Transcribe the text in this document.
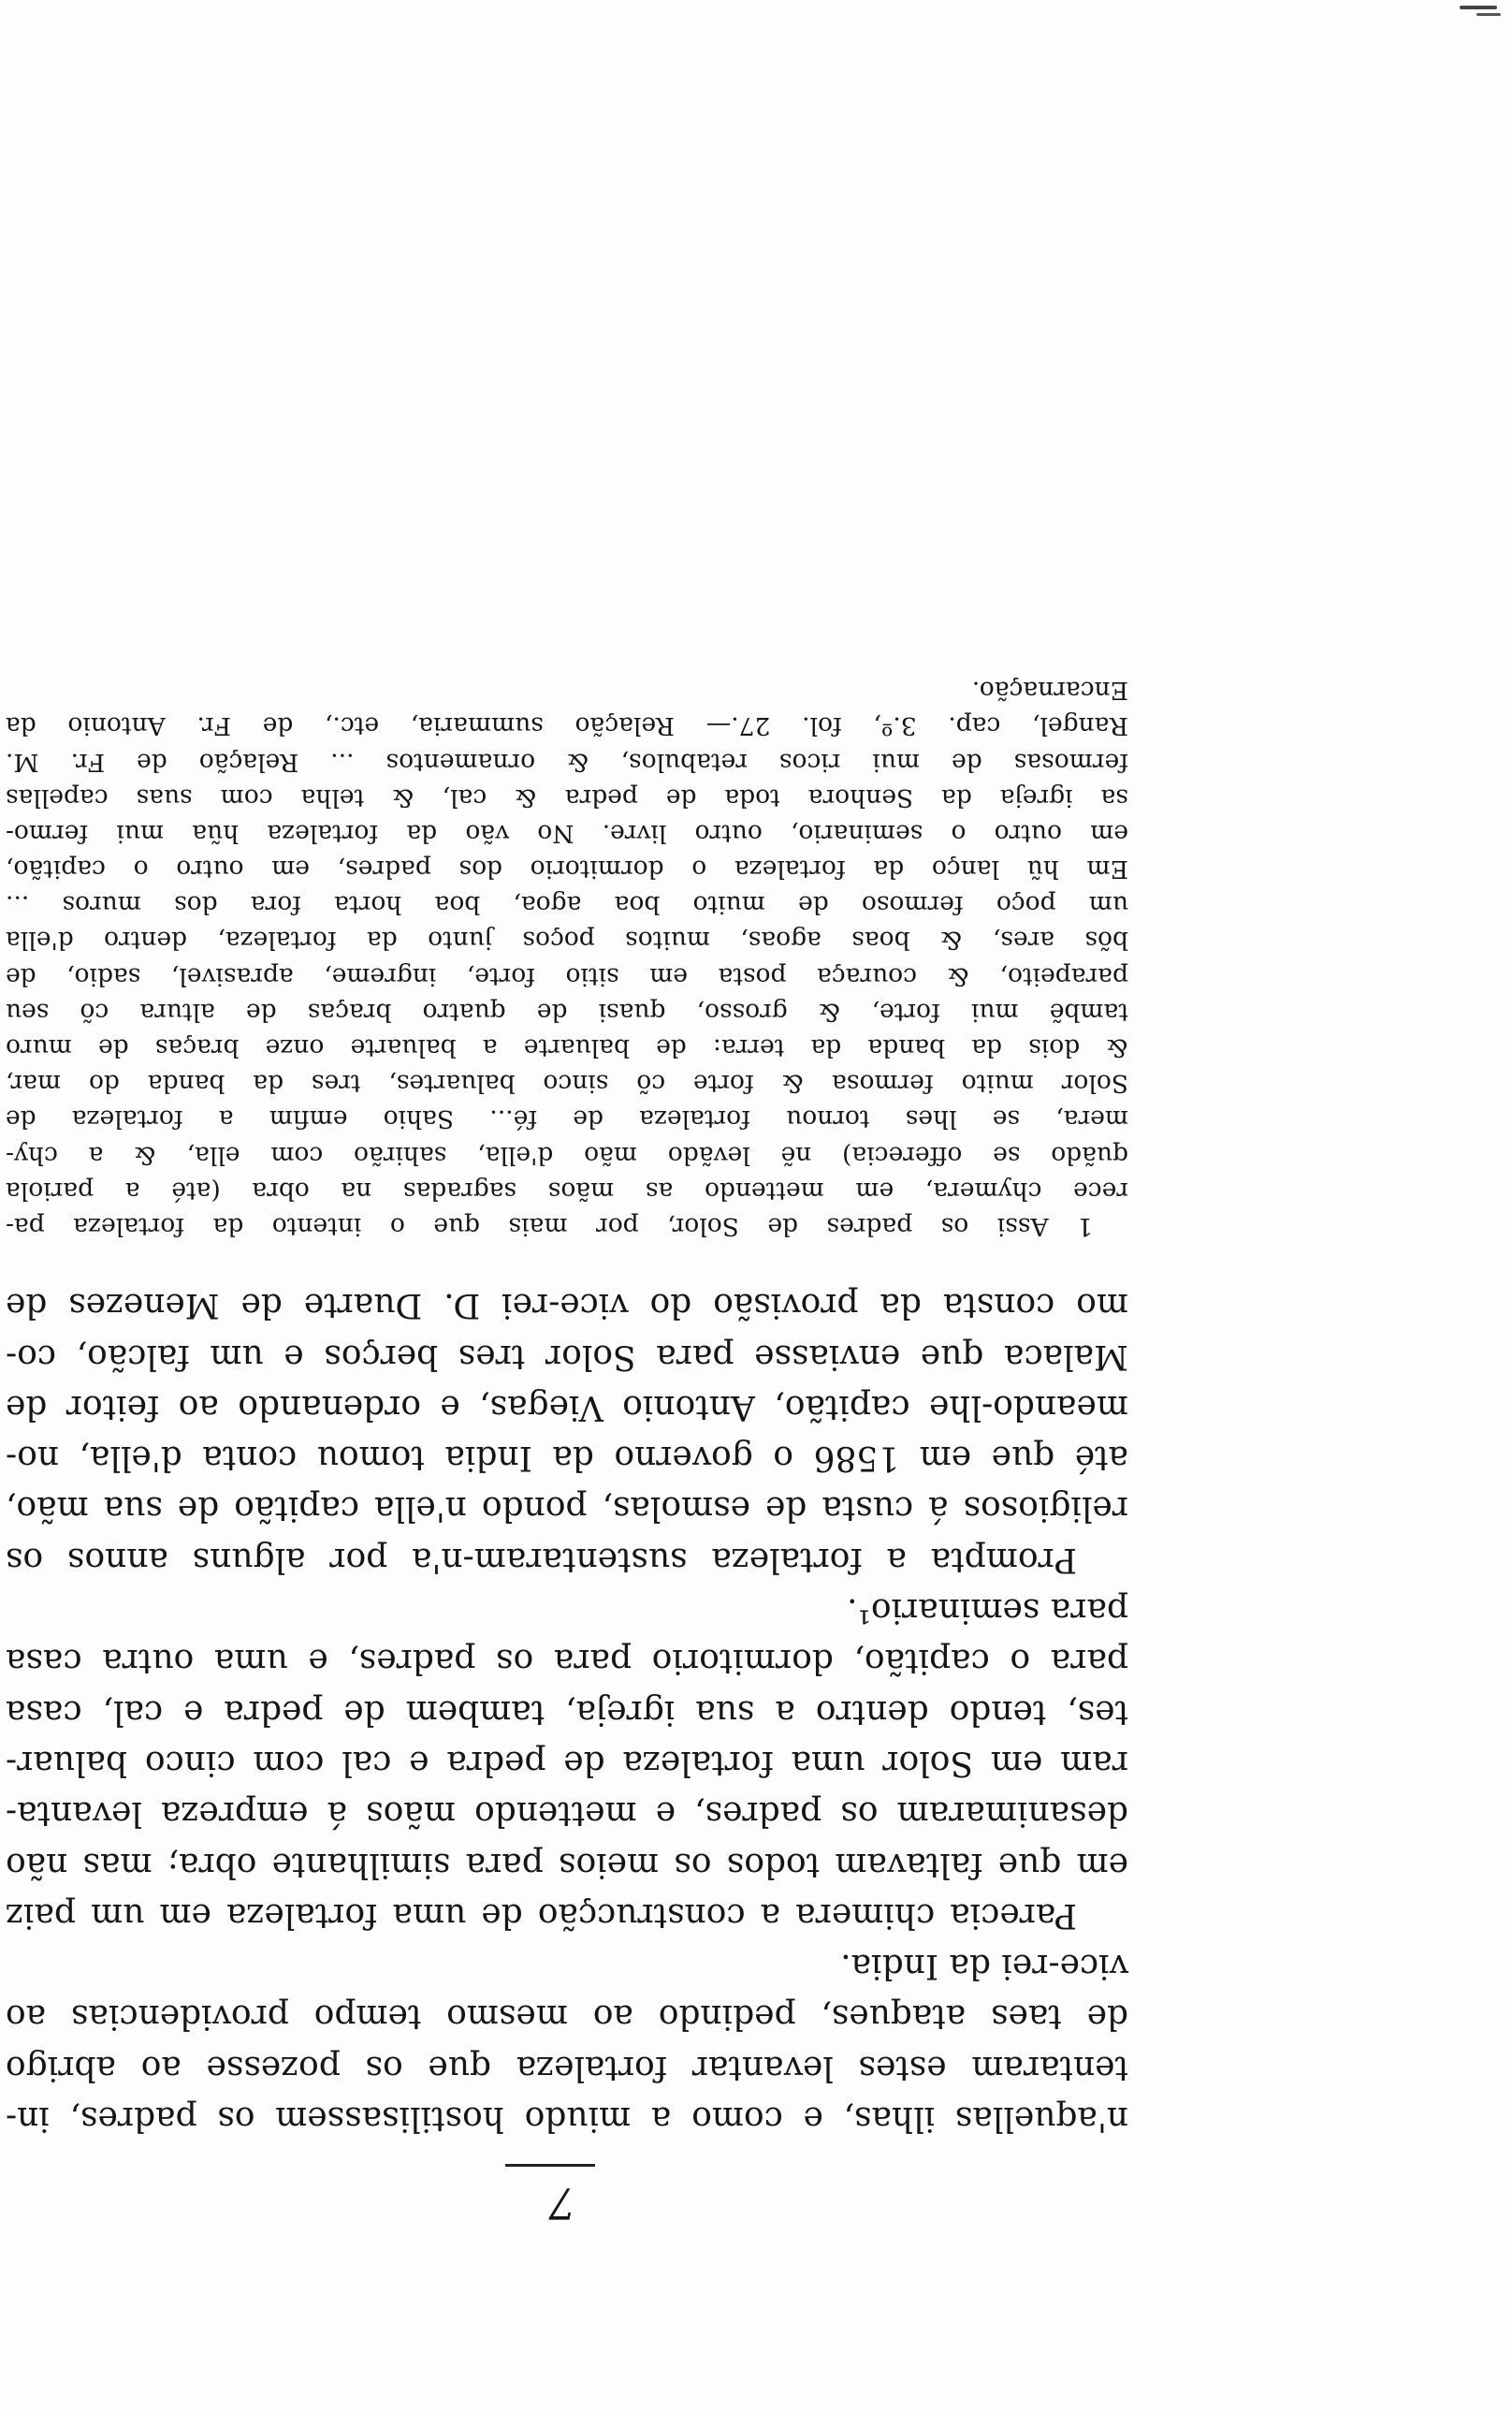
7
n'aquellas ilhas, e como a miudo hostilisassem os padres, in-
tentaram estes levantar fortaleza que os pozesse ao abrigo
de taes ataques, pedindo ao mesmo tempo providencias ao
vice-rei da India.
Parecia chimera a construcção de uma fortaleza em um paiz
em que faltavam todos os meios para similhante obra; mas não
desanimaram os padres, e mettendo mãos á empreza levanta-
ram em Solor uma fortaleza de pedra e cal com cinco baluar-
tes, tendo dentro a sua igreja, tambem de pedra e cal, casa
para o capitão, dormitorio para os padres, e uma outra casa
para seminario¹.
Prompta a fortaleza sustentaram-n'a por alguns annos os
religiosos á custa de esmolas, pondo n'ella capitão de sua mão,
até que em 1586 o governo da India tomou conta d'ella, no-
meando-lhe capitão, Antonio Viegas, e ordenando ao feitor de
Malaca que enviasse para Solor tres berços e um falcão, co-
mo consta da provisão do vice-rei D. Duarte de Menezes de
1 Assi os padres de Solor, por mais que o intento da fortaleza pa-
rece chymera, em mettendo as mãos sagradas na obra (até a pariola
quãdo se offerecia) nẽ levãdo mão d'ella, sahirão com ella, & a chy-
mera, se lhes tornou fortaleza de fé... Sahio emfim a fortaleza de
Solor muito fermosa & forte cõ sinco baluartes, tres da banda do mar,
& dois da banda da terra: de baluarte a baluarte onze braças de muro
tambẽ mui forte, & grosso, quasi de quatro braças de altura cõ seu
parapeito, & couraça posta em sitio forte, ingreme, aprasivel, sadio, de
bõs ares, & boas agoas, muitos poços junto da fortaleza, dentro d'ella
um poço fermoso de muito boa agoa, boa horta fora dos muros ...
Em hũ lanço da fortaleza o dormitorio dos padres, em outro o capitão,
em outro o seminario, outro livre. No vão da fortaleza hũa mui fermo-
sa igreja da Senhora toda de pedra & cal, & telha com suas capellas
fermosas de mui ricos retabulos, & ornamentos ... Relação de Fr. M.
Rangel, cap. 3.º, fol. 27.— Relação summaria, etc., de Fr. Antonio da
Encarnação.
